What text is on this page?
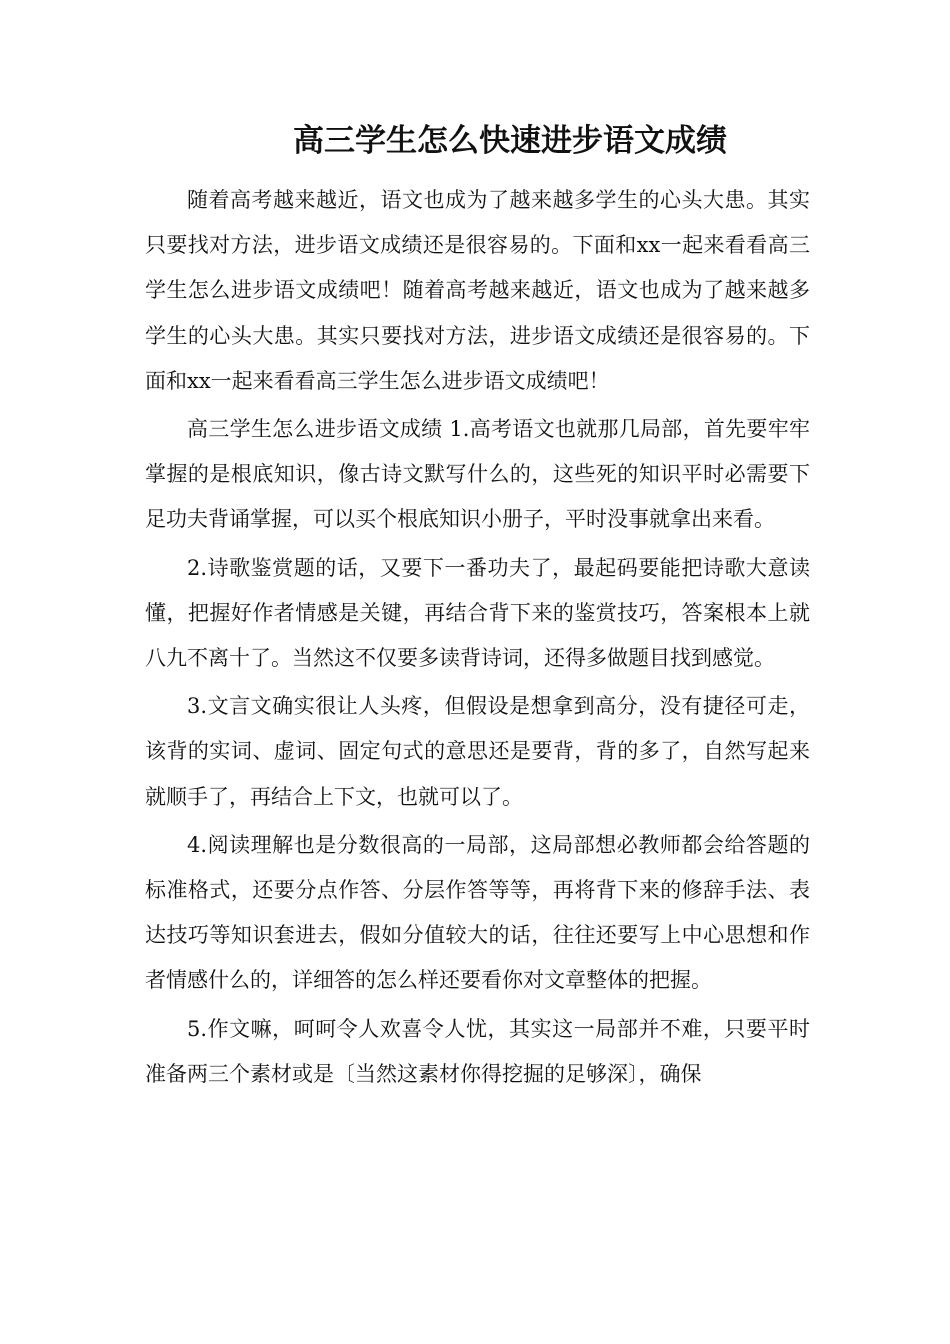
高三学生怎么快速进步语文成绩

随着高考越来越近，语文也成为了越来越多学生的心头大患。其实只要找对方法，进步语文成绩还是很容易的。下面和xx一起来看看高三学生怎么进步语文成绩吧！随着高考越来越近，语文也成为了越来越多学生的心头大患。其实只要找对方法，进步语文成绩还是很容易的。下面和xx一起来看看高三学生怎么进步语文成绩吧！

高三学生怎么进步语文成绩 1.高考语文也就那几局部，首先要牢牢掌握的是根底知识，像古诗文默写什么的，这些死的知识平时必需要下足功夫背诵掌握，可以买个根底知识小册子，平时没事就拿出来看。

2.诗歌鉴赏题的话，又要下一番功夫了，最起码要能把诗歌大意读懂，把握好作者情感是关键，再结合背下来的鉴赏技巧，答案根本上就八九不离十了。当然这不仅要多读背诗词，还得多做题目找到感觉。

3.文言文确实很让人头疼，但假设是想拿到高分，没有捷径可走，该背的实词、虚词、固定句式的意思还是要背，背的多了，自然写起来就顺手了，再结合上下文，也就可以了。

4.阅读理解也是分数很高的一局部，这局部想必教师都会给答题的标准格式，还要分点作答、分层作答等等，再将背下来的修辞手法、表达技巧等知识套进去，假如分值较大的话，往往还要写上中心思想和作者情感什么的，详细答的怎么样还要看你对文章整体的把握。

5.作文嘛，呵呵令人欢喜令人忧，其实这一局部并不难，只要平时准备两三个素材或是〔当然这素材你得挖掘的足够深〕，确保
